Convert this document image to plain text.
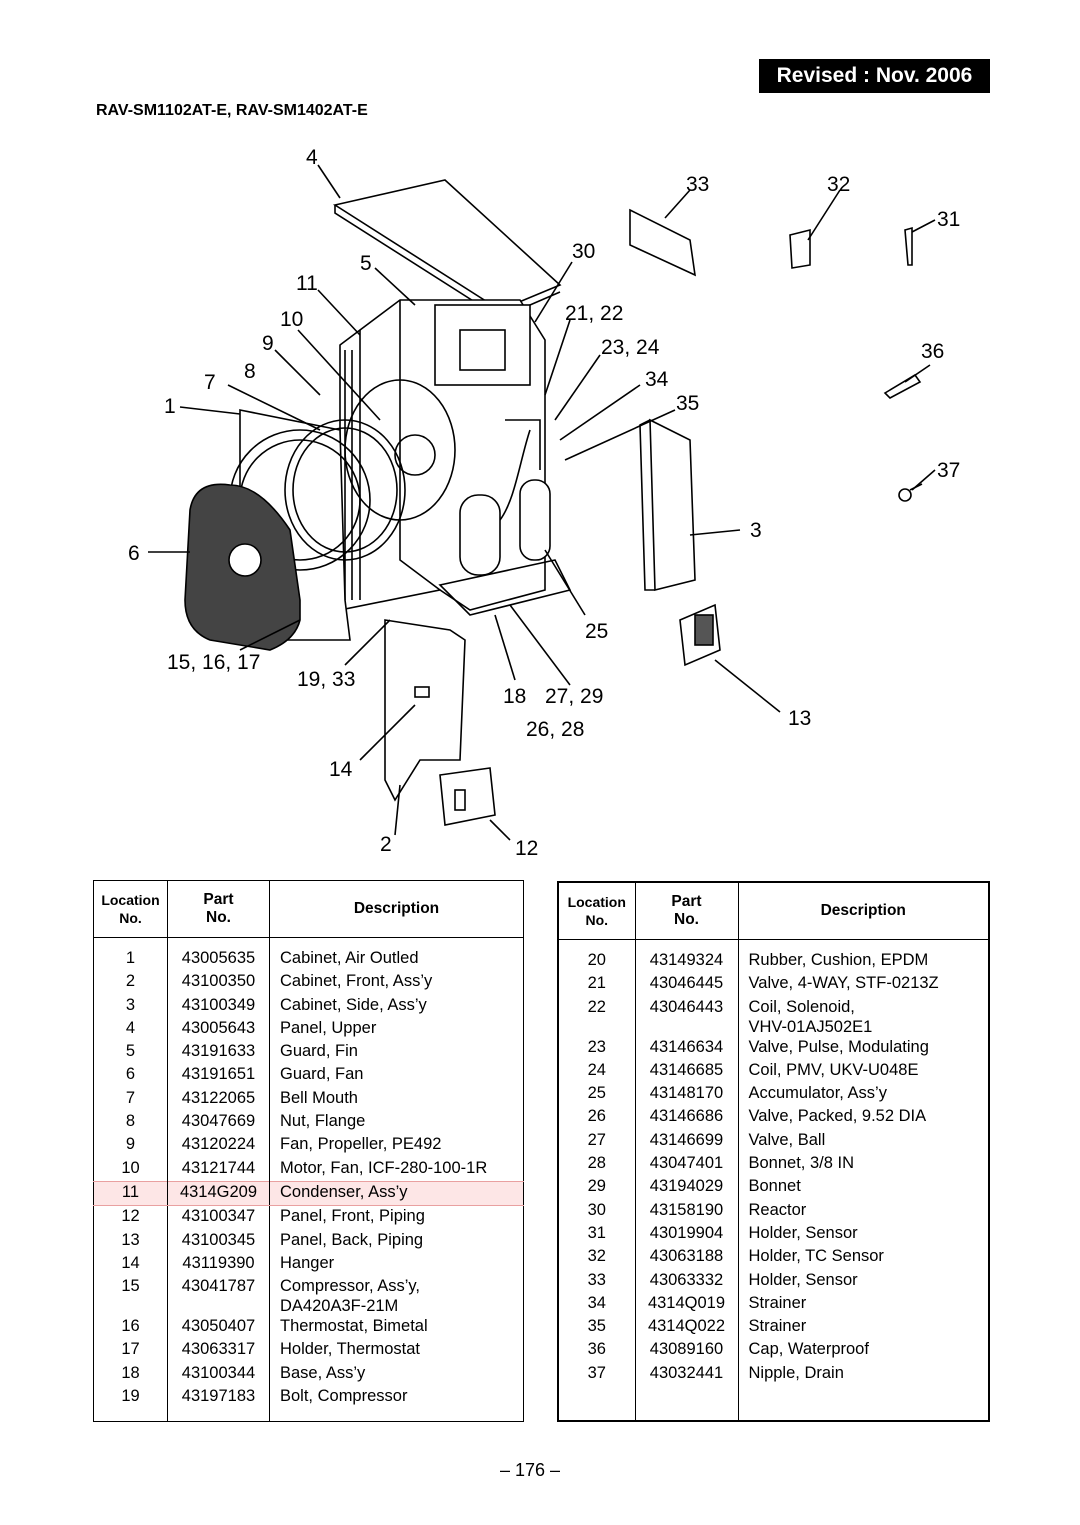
Revised : Nov. 2006
RAV-SM1102AT-E, RAV-SM1402AT-E
4
33	32
31
5
30
11
21, 22
10
23, 24	36
9
7 8	34
1	35
37
3
6
25
15, 16, 17
19, 33
18 27, 29
13
26, 28
14
2	12
Location
No.	Part
No.	Description

1	43005635	Cabinet, Air Outled

2	43100350	Cabinet, Front, Ass’y

3	43100349	Cabinet, Side, Ass’y

4	43005643	Panel, Upper

5	43191633	Guard, Fin

6	43191651	Guard, Fan

7	43122065	Bell Mouth

8	43047669	Nut, Flange

9	43120224	Fan, Propeller, PE492

10	43121744	Motor, Fan, ICF-280-100-1R

11	4314G209	Condenser, Ass’y

12	43100347	Panel, Front, Piping

13	43100345	Panel, Back, Piping

14	43119390	Hanger

15	43041787	Compressor, Ass’y,
DA420A3F-21M

16	43050407	Thermostat, Bimetal

17	43063317	Holder, Thermostat

18	43100344	Base, Ass’y

19	43197183	Bolt, Compressor

Location
No.	Part
No.	Description

20	43149324	Rubber, Cushion, EPDM

21	43046445	Valve, 4-WAY, STF-0213Z

22	43046443	Coil, Solenoid,
VHV-01AJ502E1

23	43146634	Valve, Pulse, Modulating

24	43146685	Coil, PMV, UKV-U048E

25	43148170	Accumulator, Ass’y

26	43146686	Valve, Packed, 9.52 DIA

27	43146699	Valve, Ball

28	43047401	Bonnet, 3/8 IN

29	43194029	Bonnet

30	43158190	Reactor

31	43019904	Holder, Sensor

32	43063188	Holder, TC Sensor

33	43063332	Holder, Sensor

34	4314Q019	Strainer

35	4314Q022	Strainer

36	43089160	Cap, Waterproof

37	43032441	Nipple, Drain

– 176 –
